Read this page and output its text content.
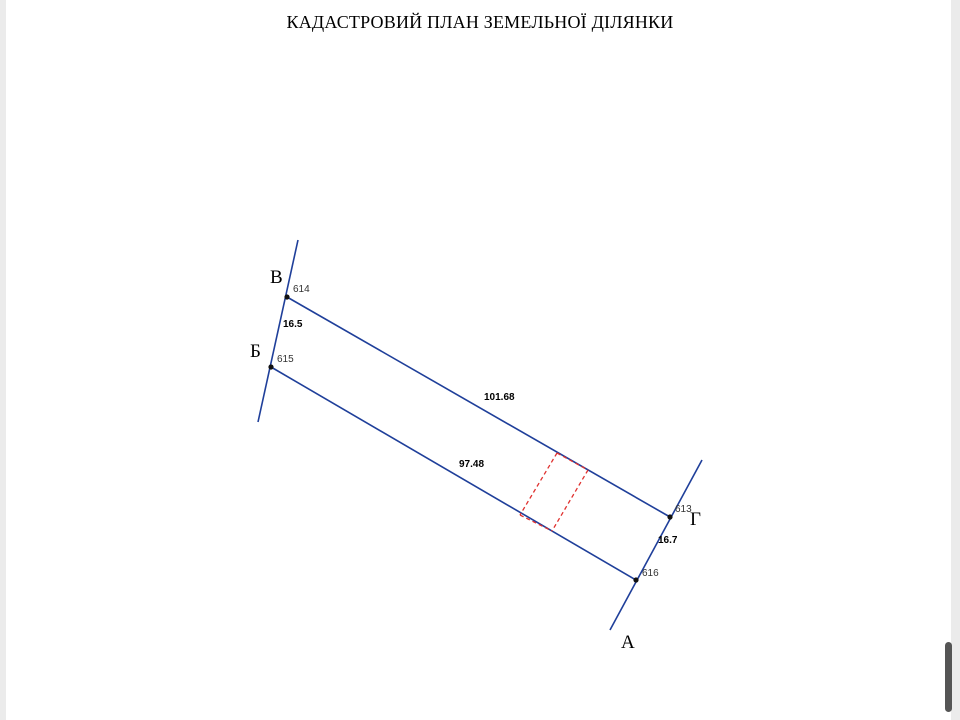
КАДАСТРОВИЙ ПЛАН ЗЕМЕЛЬНОЇ ДІЛЯНКИ
В
Б
Г
А
614
615
613
616
101.68
97.48
16.5
16.7
